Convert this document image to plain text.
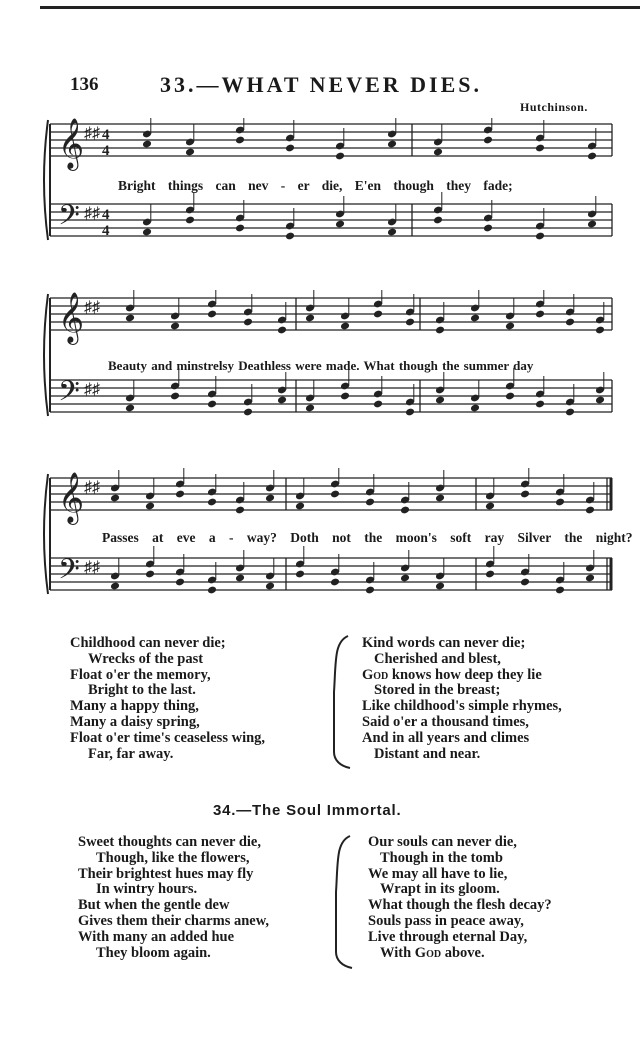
136	33.—WHAT NEVER DIES.
Hutchinson.
𝄞
𝄢
♯♯
♯♯
4
4
4
4
Bright things can nev - er die, E'en though they fade;
𝄞
𝄢
♯♯
♯♯
Beauty and minstrelsy Deathless were made. What though the summer day
𝄞
𝄢
♯♯
♯♯
Passes at eve a - way? Doth not the moon's soft ray Silver the night?
Childhood can never die;
Wrecks of the past
Float o'er the memory,
Bright to the last.
Many a happy thing,
Many a daisy spring,
Float o'er time's ceaseless wing,
Far, far away.
Kind words can never die;
Cherished and blest,
God knows how deep they lie
Stored in the breast;
Like childhood's simple rhymes,
Said o'er a thousand times,
And in all years and climes
Distant and near.
34.—The Soul Immortal.
Sweet thoughts can never die,
Though, like the flowers,
Their brightest hues may fly
In wintry hours.
But when the gentle dew
Gives them their charms anew,
With many an added hue
They bloom again.
Our souls can never die,
Though in the tomb
We may all have to lie,
Wrapt in its gloom.
What though the flesh decay?
Souls pass in peace away,
Live through eternal Day,
With God above.
